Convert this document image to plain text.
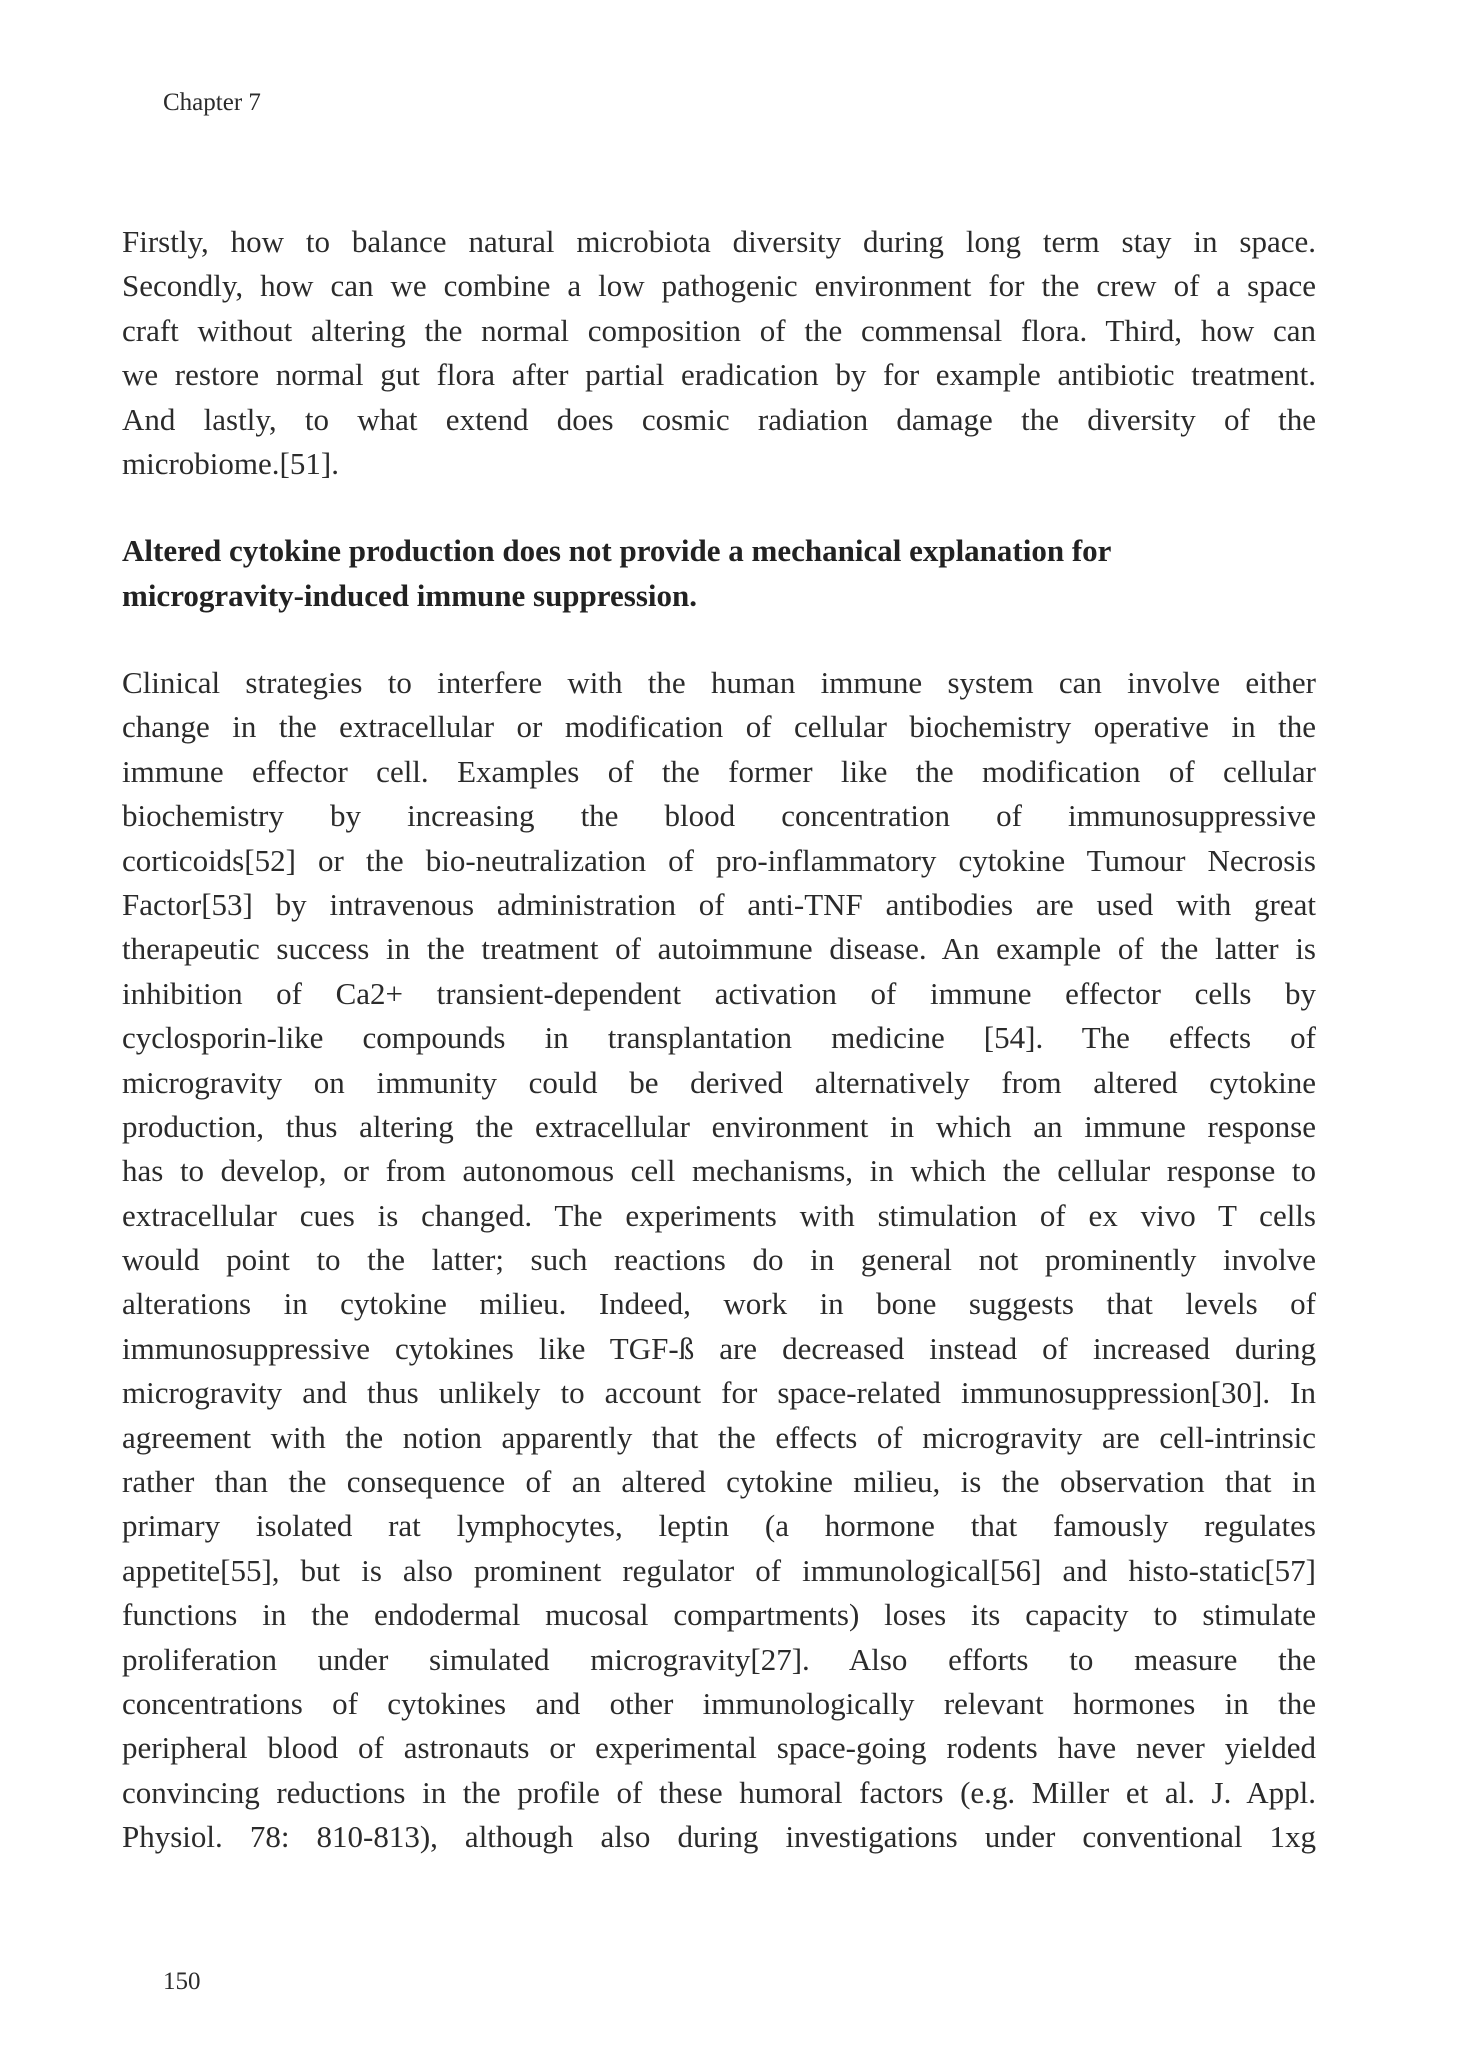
Chapter 7
Firstly, how to balance natural microbiota diversity during long term stay in space.
Secondly, how can we combine a low pathogenic environment for the crew of a space
craft without altering the normal composition of the commensal flora. Third, how can
we restore normal gut flora after partial eradication by for example antibiotic treatment.
And lastly, to what extend does cosmic radiation damage the diversity of the
microbiome.[51].
Altered cytokine production does not provide a mechanical explanation for
microgravity-induced immune suppression.
Clinical strategies to interfere with the human immune system can involve either
change in the extracellular or modification of cellular biochemistry operative in the
immune effector cell. Examples of the former like the modification of cellular
biochemistry by increasing the blood concentration of immunosuppressive
corticoids[52] or the bio-neutralization of pro-inflammatory cytokine Tumour Necrosis
Factor[53] by intravenous administration of anti-TNF antibodies are used with great
therapeutic success in the treatment of autoimmune disease. An example of the latter is
inhibition of Ca2+ transient-dependent activation of immune effector cells by
cyclosporin-like compounds in transplantation medicine [54]. The effects of
microgravity on immunity could be derived alternatively from altered cytokine
production, thus altering the extracellular environment in which an immune response
has to develop, or from autonomous cell mechanisms, in which the cellular response to
extracellular cues is changed. The experiments with stimulation of ex vivo T cells
would point to the latter; such reactions do in general not prominently involve
alterations in cytokine milieu. Indeed, work in bone suggests that levels of
immunosuppressive cytokines like TGF-ß are decreased instead of increased during
microgravity and thus unlikely to account for space-related immunosuppression[30]. In
agreement with the notion apparently that the effects of microgravity are cell-intrinsic
rather than the consequence of an altered cytokine milieu, is the observation that in
primary isolated rat lymphocytes, leptin (a hormone that famously regulates
appetite[55], but is also prominent regulator of immunological[56] and histo-static[57]
functions in the endodermal mucosal compartments) loses its capacity to stimulate
proliferation under simulated microgravity[27]. Also efforts to measure the
concentrations of cytokines and other immunologically relevant hormones in the
peripheral blood of astronauts or experimental space-going rodents have never yielded
convincing reductions in the profile of these humoral factors (e.g. Miller et al. J. Appl.
Physiol. 78: 810-813), although also during investigations under conventional 1xg
150
